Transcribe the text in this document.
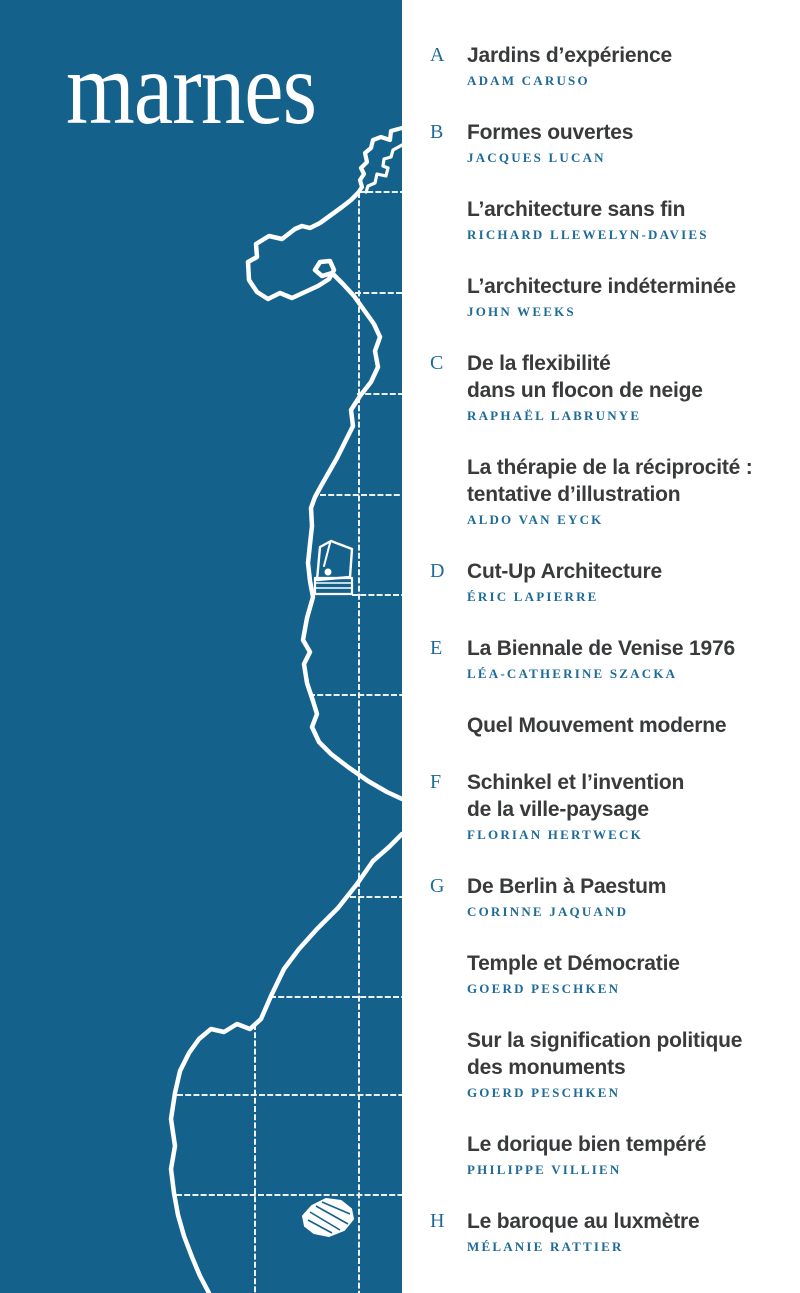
marnes	A	Jardins d’expérience
ADAM CARUSO
B	Formes ouvertes
JACQUES LUCAN
L’architecture sans fin
RICHARD LLEWELYN-DAVIES
L’architecture indéterminée
JOHN WEEKS
C	De la flexibilité
dans un flocon de neige
RAPHAËL LABRUNYE
La thérapie de la réciprocité :
tentative d’illustration
ALDO VAN EYCK
D	Cut-Up Architecture
ÉRIC LAPIERRE
E	La Biennale de Venise 1976
LÉA-CATHERINE SZACKA
Quel Mouvement moderne
F	Schinkel et l’invention
de la ville-paysage
FLORIAN HERTWECK
G	De Berlin à Paestum
CORINNE JAQUAND
Temple et Démocratie
GOERD PESCHKEN
Sur la signification politique
des monuments
GOERD PESCHKEN
Le dorique bien tempéré
PHILIPPE VILLIEN
H	Le baroque au luxmètre
MÉLANIE RATTIER
